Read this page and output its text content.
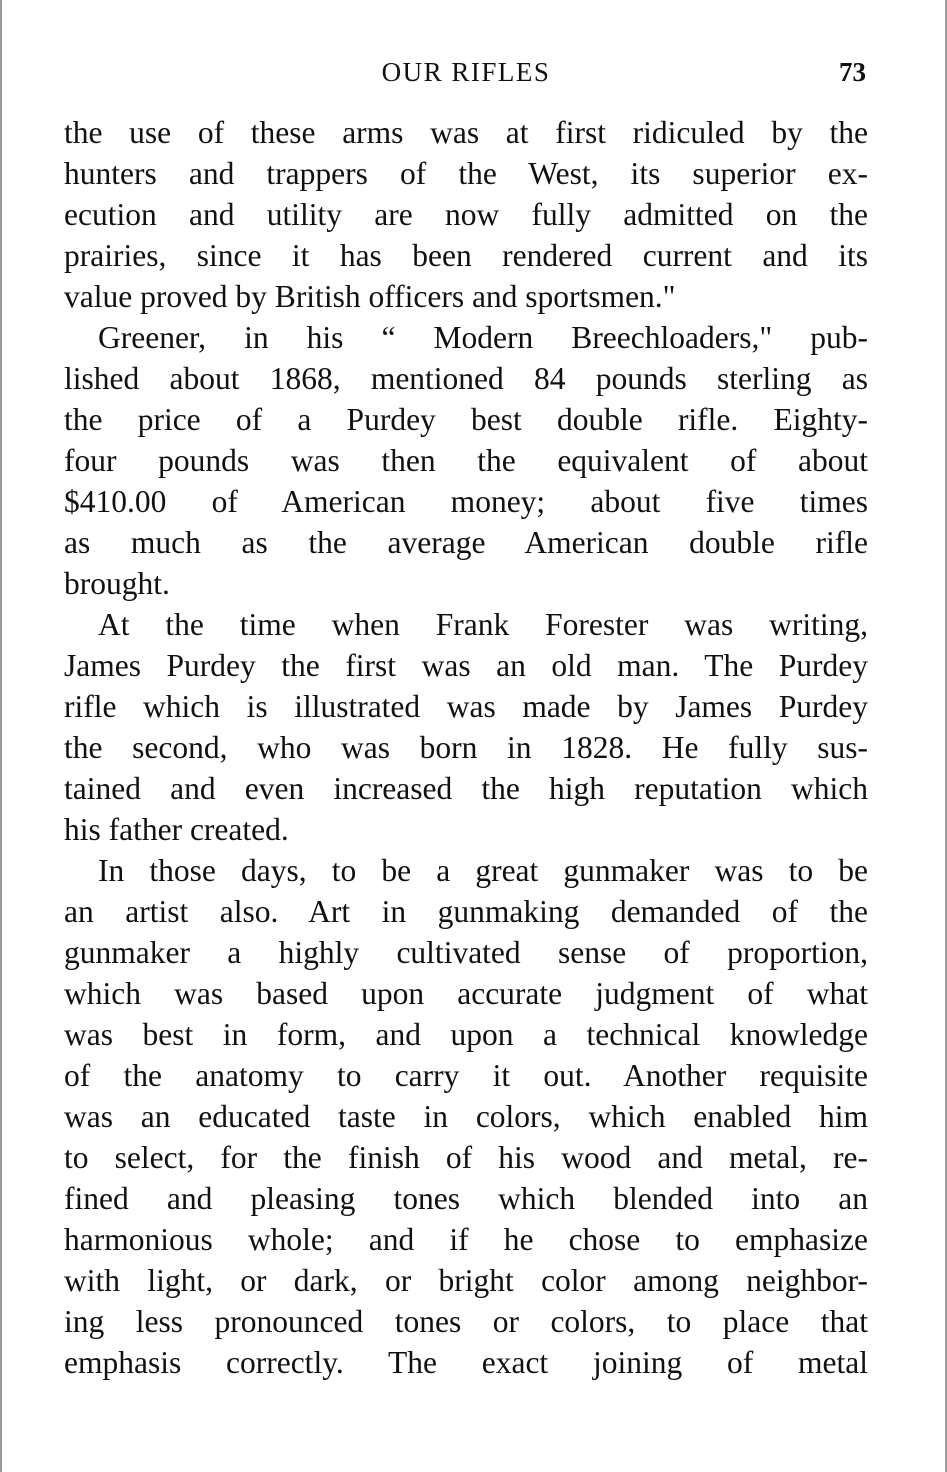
OUR RIFLES	73
the use of these arms was at first ridiculed by the
hunters and trappers of the West, its superior ex-
ecution and utility are now fully admitted on the
prairies, since it has been rendered current and its
value proved by British officers and sportsmen."
Greener, in his “ Modern Breechloaders," pub-
lished about 1868, mentioned 84 pounds sterling as
the price of a Purdey best double rifle. Eighty-
four pounds was then the equivalent of about
$410.00 of American money; about five times
as much as the average American double rifle
brought.
At the time when Frank Forester was writing,
James Purdey the first was an old man. The Purdey
rifle which is illustrated was made by James Purdey
the second, who was born in 1828. He fully sus-
tained and even increased the high reputation which
his father created.
In those days, to be a great gunmaker was to be
an artist also. Art in gunmaking demanded of the
gunmaker a highly cultivated sense of proportion,
which was based upon accurate judgment of what
was best in form, and upon a technical knowledge
of the anatomy to carry it out. Another requisite
was an educated taste in colors, which enabled him
to select, for the finish of his wood and metal, re-
fined and pleasing tones which blended into an
harmonious whole; and if he chose to emphasize
with light, or dark, or bright color among neighbor-
ing less pronounced tones or colors, to place that
emphasis correctly. The exact joining of metal
